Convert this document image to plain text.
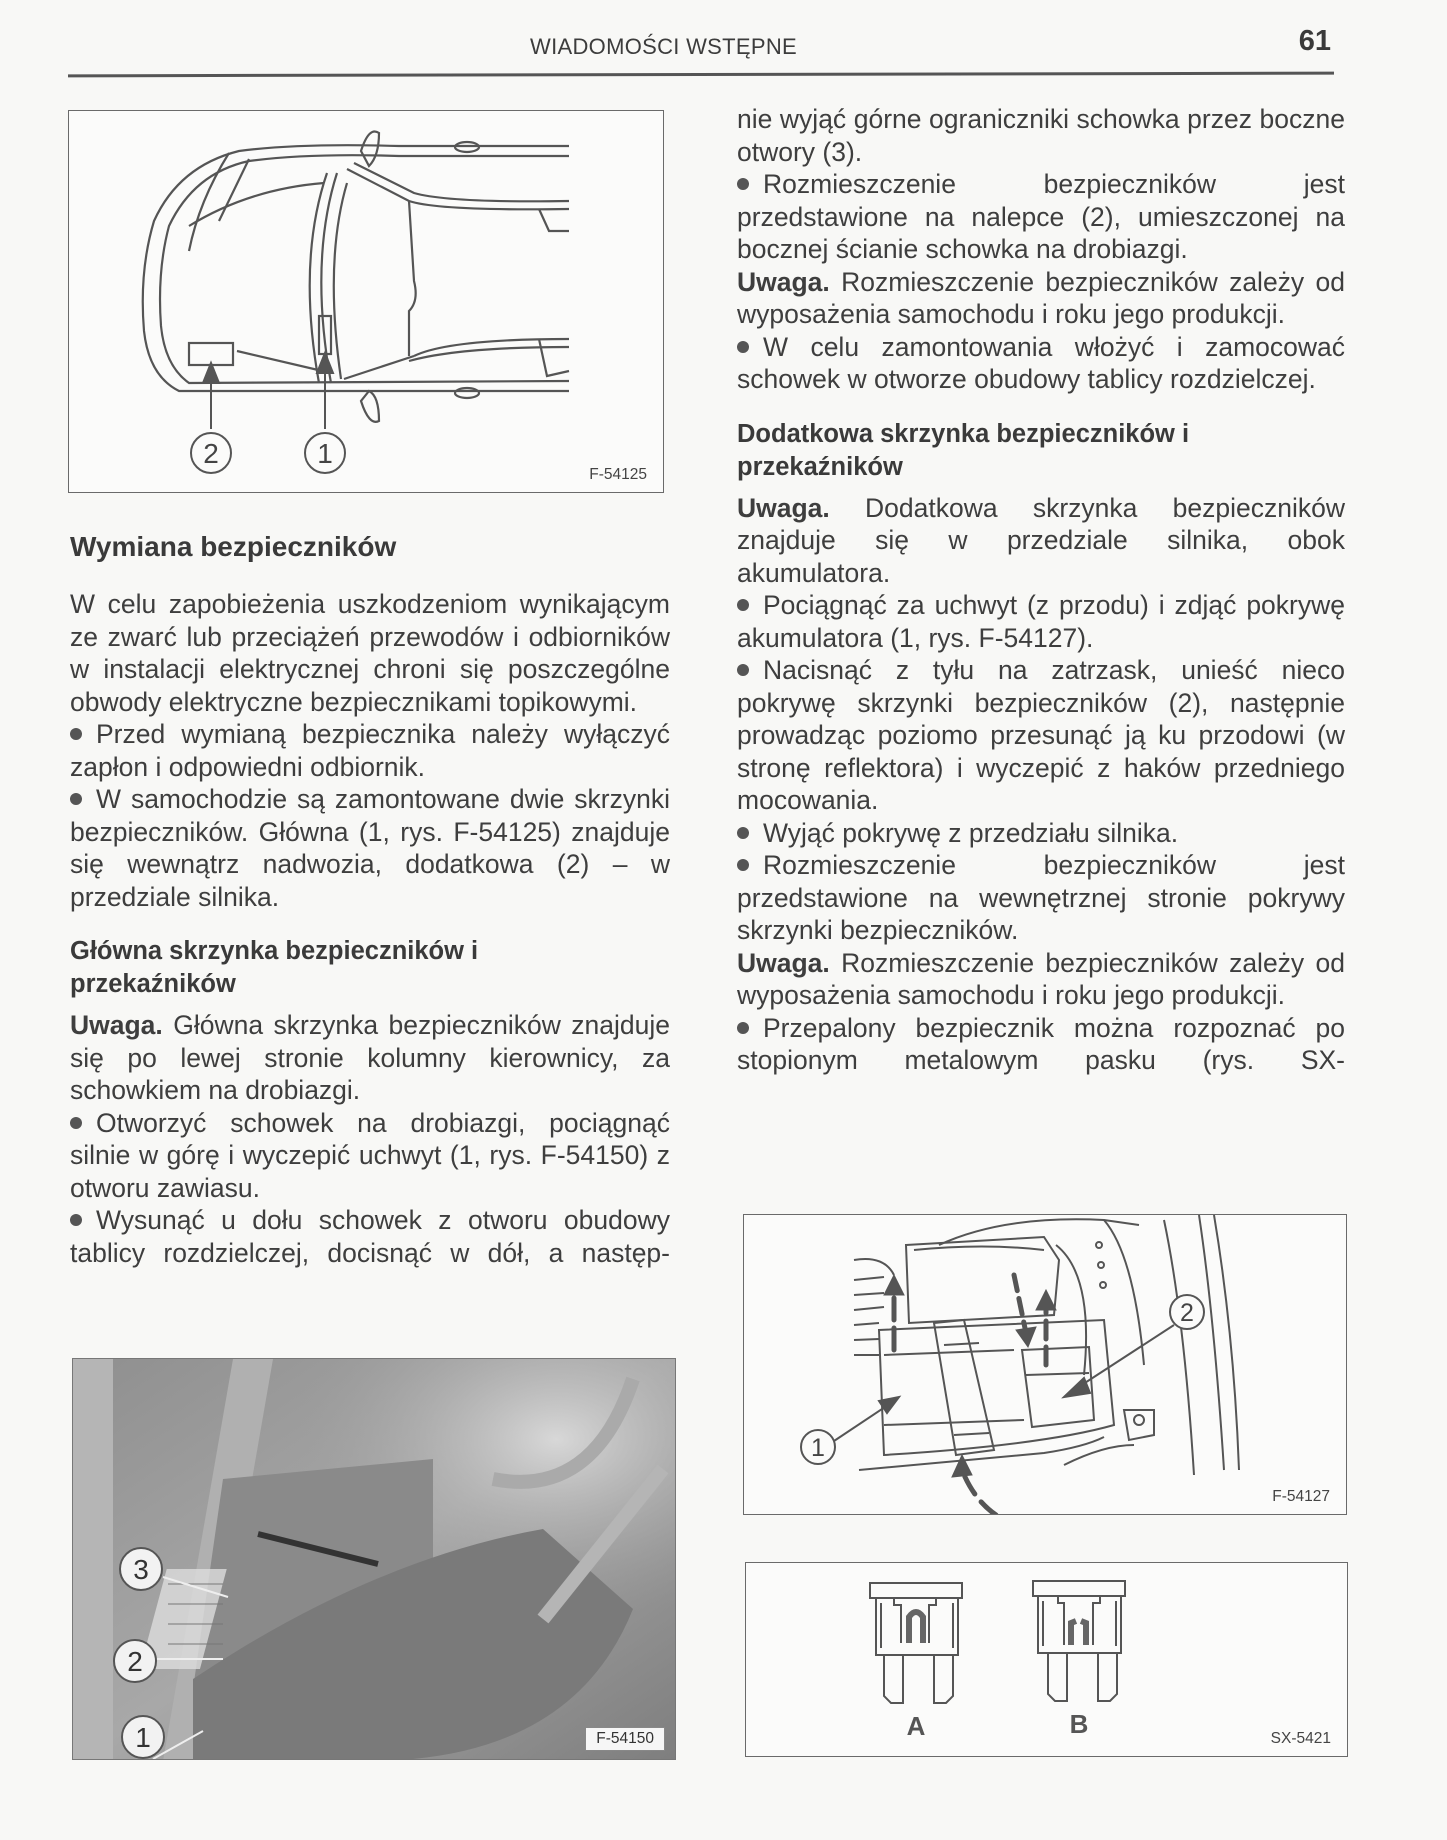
WIADOMOŚCI WSTĘPNE	61
2	1
F-54125

Wymiana bezpieczników

W celu zapobieżenia uszkodzeniom wynikającym ze zwarć lub przeciążeń przewodów i odbiorników w instalacji elektrycznej chroni się poszczególne obwody elektryczne bezpiecznikami topikowymi.

Przed wymianą bezpiecznika należy wyłączyć zapłon i odpowiedni odbiornik.

W samochodzie są zamontowane dwie skrzynki bezpieczników. Główna (1, rys. F-54125) znajduje się wewnątrz nadwozia, dodatkowa (2) – w przedziale silnika.

Główna skrzynka bezpieczników i przekaźników

Uwaga. Główna skrzynka bezpieczników znajduje się po lewej stronie kolumny kierownicy, za schowkiem na drobiazgi.

Otworzyć schowek na drobiazgi, pociągnąć silnie w górę i wyczepić uchwyt (1, rys. F-54150) z otworu zawiasu.

Wysunąć u dołu schowek z otworu obudowy tablicy rozdzielczej, docisnąć w dół, a następ-

3
2
1	F-54150

nie wyjąć górne ograniczniki schowka przez boczne otwory (3).

Rozmieszczenie bezpieczników jest przedstawione na nalepce (2), umieszczonej na bocznej ścianie schowka na drobiazgi.

Uwaga. Rozmieszczenie bezpieczników zależy od wyposażenia samochodu i roku jego produkcji.

W celu zamontowania włożyć i zamocować schowek w otworze obudowy tablicy rozdzielczej.

Dodatkowa skrzynka bezpieczników i przekaźników

Uwaga. Dodatkowa skrzynka bezpieczników znajduje się w przedziale silnika, obok akumulatora.

Pociągnąć za uchwyt (z przodu) i zdjąć pokrywę akumulatora (1, rys. F-54127).

Nacisnąć z tyłu na zatrzask, unieść nieco pokrywę skrzynki bezpieczników (2), następnie prowadząc poziomo przesunąć ją ku przodowi (w stronę reflektora) i wyczepić z haków przedniego mocowania.

Wyjąć pokrywę z przedziału silnika.

Rozmieszczenie bezpieczników jest przedstawione na wewnętrznej stronie pokrywy skrzynki bezpieczników.

Uwaga. Rozmieszczenie bezpieczników zależy od wyposażenia samochodu i roku jego produkcji.

Przepalony bezpiecznik można rozpoznać po stopionym metalowym pasku (rys. SX-

1
2
F-54127
A	B	SX-5421
